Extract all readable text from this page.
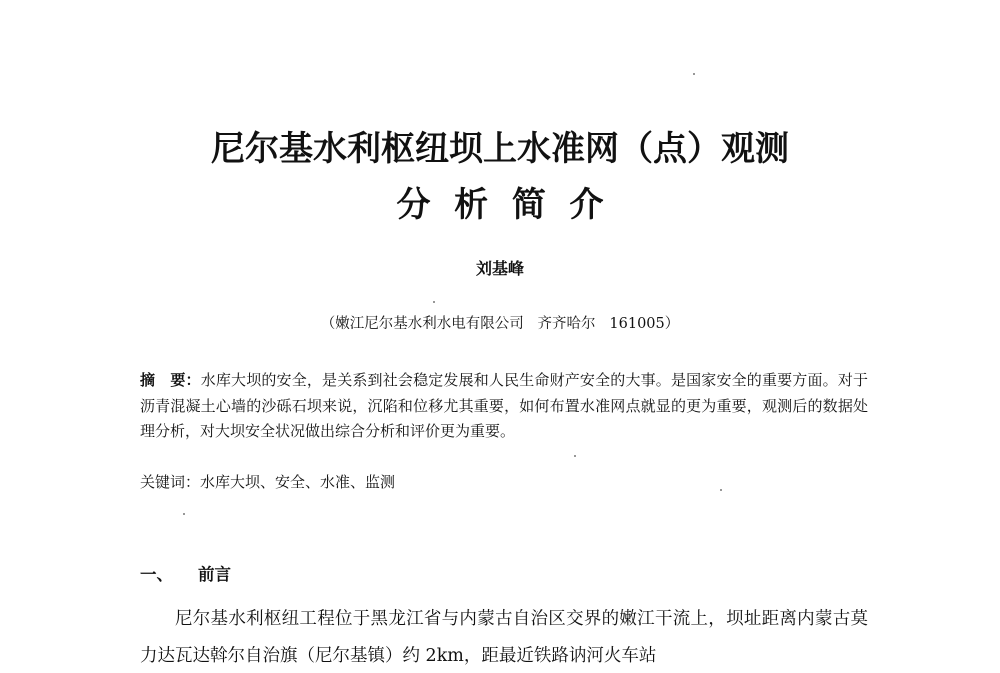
尼尔基水利枢纽坝上水准网（点）观测
分  析  简  介
刘基峰
（嫩江尼尔基水利水电有限公司   齐齐哈尔   161005）
摘　要：水库大坝的安全，是关系到社会稳定发展和人民生命财产安全的大事。是国家安全的重要方面。对于沥青混凝土心墙的沙砾石坝来说，沉陷和位移尤其重要，如何布置水准网点就显的更为重要，观测后的数据处理分析，对大坝安全状况做出综合分析和评价更为重要。
关键词：水库大坝、安全、水准、监测
一、 前言
尼尔基水利枢纽工程位于黑龙江省与内蒙古自治区交界的嫩江干流上，坝址距离内蒙古莫力达瓦达斡尔自治旗（尼尔基镇）约 2km，距最近铁路讷河火车站
